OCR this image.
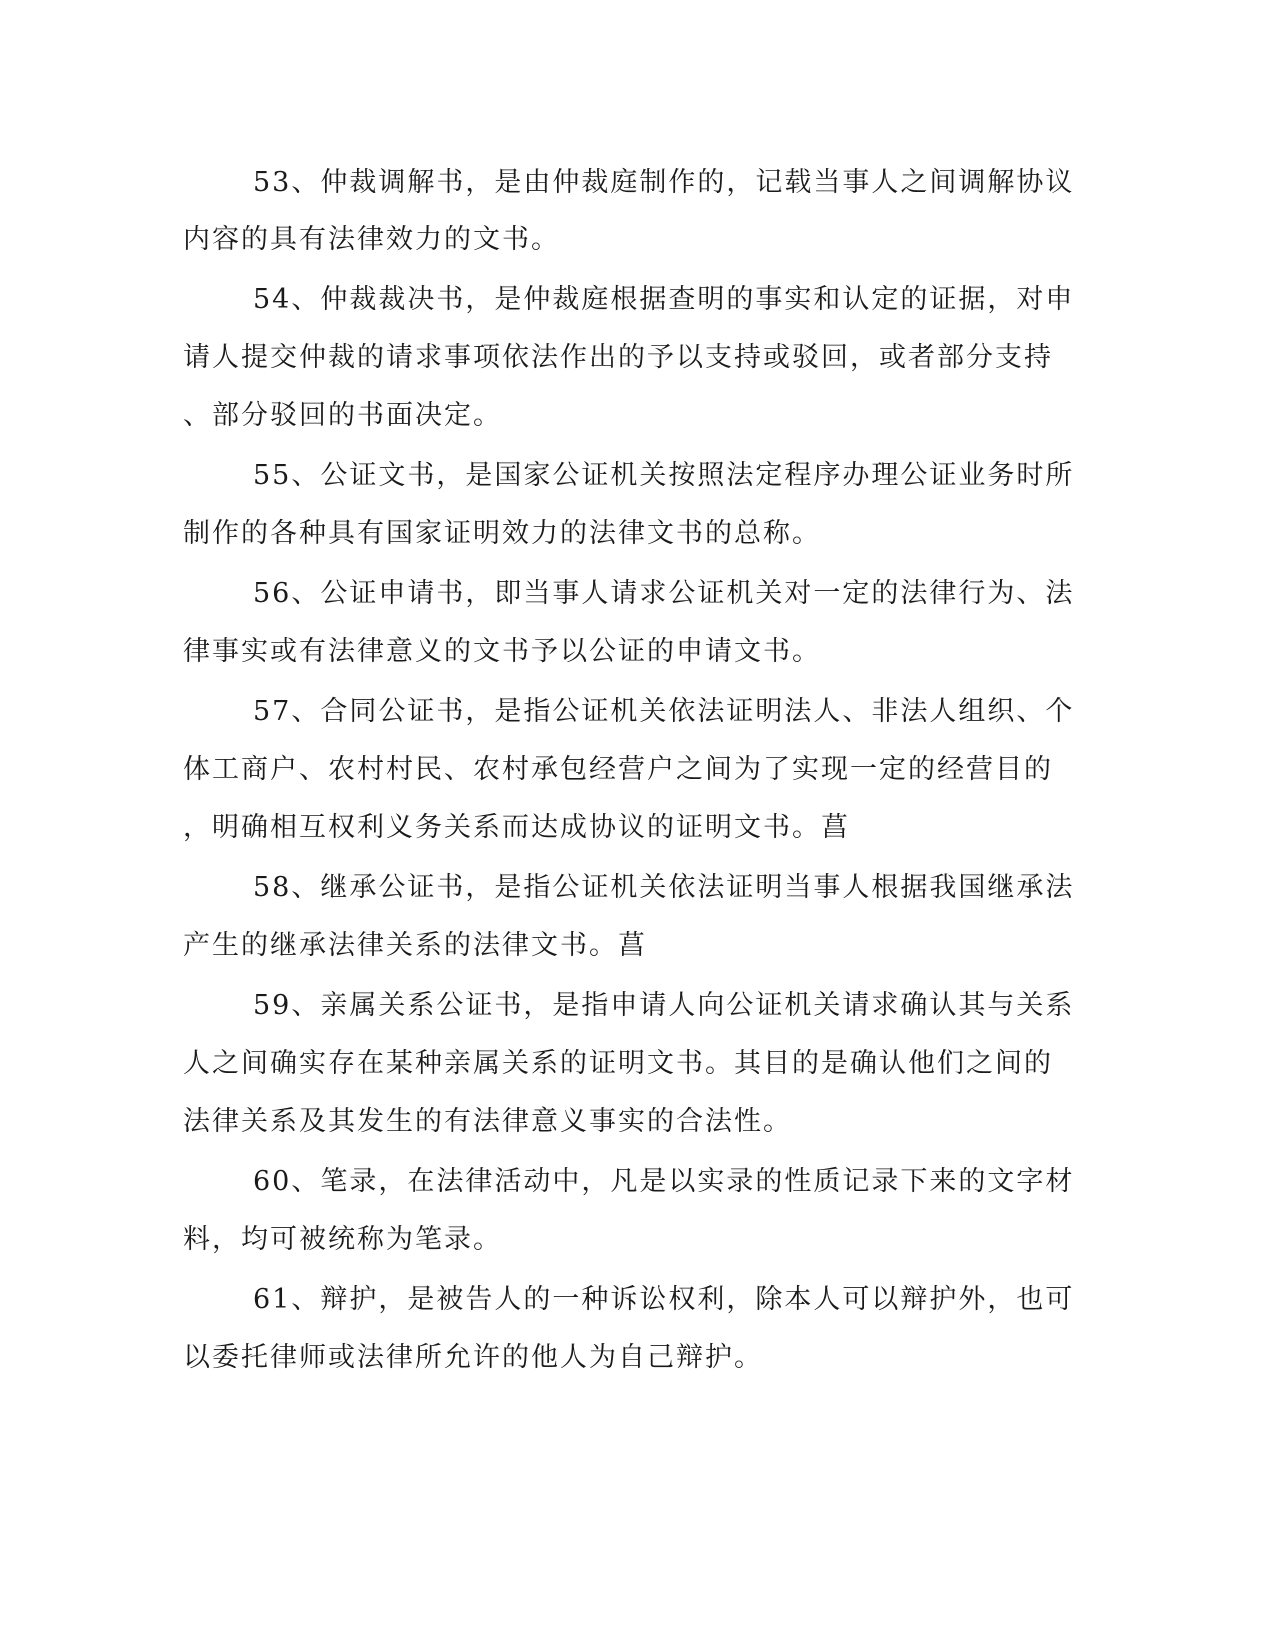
53、仲裁调解书，是由仲裁庭制作的，记载当事人之间调解协议
内容的具有法律效力的文书。
54、仲裁裁决书，是仲裁庭根据查明的事实和认定的证据，对申
请人提交仲裁的请求事项依法作出的予以支持或驳回，或者部分支持
、部分驳回的书面决定。
55、公证文书，是国家公证机关按照法定程序办理公证业务时所
制作的各种具有国家证明效力的法律文书的总称。
56、公证申请书，即当事人请求公证机关对一定的法律行为、法
律事实或有法律意义的文书予以公证的申请文书。
57、合同公证书，是指公证机关依法证明法人、非法人组织、个
体工商户、农村村民、农村承包经营户之间为了实现一定的经营目的
，明确相互权利义务关系而达成协议的证明文书。菖
58、继承公证书，是指公证机关依法证明当事人根据我国继承法
产生的继承法律关系的法律文书。菖
59、亲属关系公证书，是指申请人向公证机关请求确认其与关系
人之间确实存在某种亲属关系的证明文书。其目的是确认他们之间的
法律关系及其发生的有法律意义事实的合法性。
60、笔录，在法律活动中，凡是以实录的性质记录下来的文字材
料，均可被统称为笔录。
61、辩护，是被告人的一种诉讼权利，除本人可以辩护外，也可
以委托律师或法律所允许的他人为自己辩护。
